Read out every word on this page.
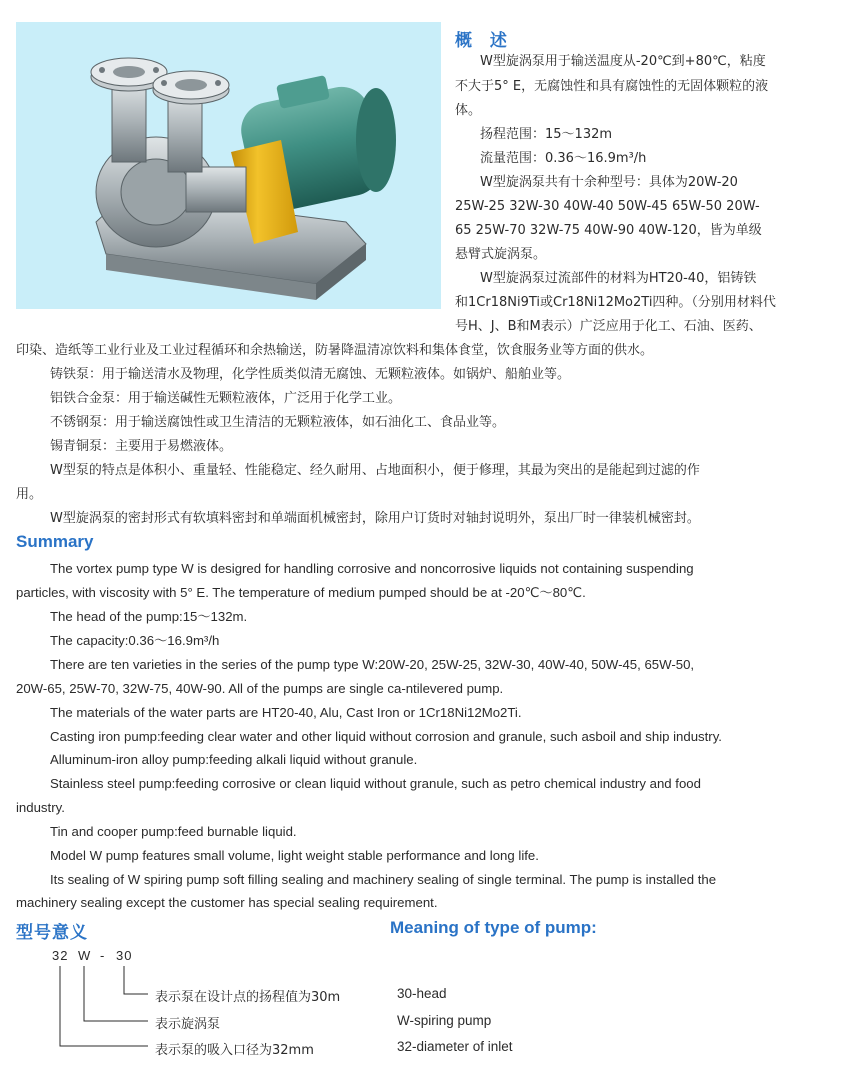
概 述
W型旋涡泵用于输送温度从-20℃到+80℃，粘度
不大于5° E，无腐蚀性和具有腐蚀性的无固体颗粒的液
体。
扬程范围：15～132m
流量范围：0.36～16.9m³/h
W型旋涡泵共有十余种型号：具体为20W-20
25W-25 32W-30 40W-40 50W-45 65W-50 20W-
65 25W-70 32W-75 40W-90 40W-120，皆为单级
悬臂式旋涡泵。
W型旋涡泵过流部件的材料为HT20-40，铝铸铁
和1Cr18Ni9Ti或Cr18Ni12Mo2Ti四种。（分别用材料代
号H、J、B和M表示）广泛应用于化工、石油、医药、
印染、造纸等工业行业及工业过程循环和余热输送，防暑降温清凉饮料和集体食堂，饮食服务业等方面的供水。
铸铁泵：用于输送清水及物理，化学性质类似清无腐蚀、无颗粒液体。如锅炉、船舶业等。
铝铁合金泵：用于输送碱性无颗粒液体，广泛用于化学工业。
不锈钢泵：用于输送腐蚀性或卫生清洁的无颗粒液体，如石油化工、食品业等。
锡青铜泵：主要用于易燃液体。
W型泵的特点是体积小、重量轻、性能稳定、经久耐用、占地面积小，便于修理，其最为突出的是能起到过滤的作
用。
W型旋涡泵的密封形式有软填料密封和单端面机械密封，除用户订货时对轴封说明外，泵出厂时一律装机械密封。
Summary
The vortex pump type W is desigred for handling corrosive and noncorrosive liquids not containing suspending
particles, with viscosity with 5° E. The temperature of medium pumped should be at -20℃～80℃.
The head of the pump:15～132m.
The capacity:0.36～16.9m³/h
There are ten varieties in the series of the pump type W:20W-20, 25W-25, 32W-30, 40W-40, 50W-45, 65W-50,
20W-65, 25W-70, 32W-75, 40W-90. All of the pumps are single ca-ntilevered pump.
The materials of the water parts are HT20-40, Alu, Cast Iron or 1Cr18Ni12Mo2Ti.
Casting iron pump:feeding clear water and other liquid without corrosion and granule, such asboil and ship industry.
Alluminum-iron alloy pump:feeding alkali liquid without granule.
Stainless steel pump:feeding corrosive or clean liquid without granule, such as petro chemical industry and food
industry.
Tin and cooper pump:feed burnable liquid.
Model W pump features small volume, light weight stable performance and long life.
Its sealing of W spiring pump soft filling sealing and machinery sealing of single terminal. The pump is installed the
machinery sealing except the customer has special sealing requirement.
型号意义	Meaning of type of pump:
32 W - 30
表示泵在设计点的扬程值为30m
表示旋涡泵
表示泵的吸入口径为32mm
30-head
W-spiring pump
32-diameter of inlet
